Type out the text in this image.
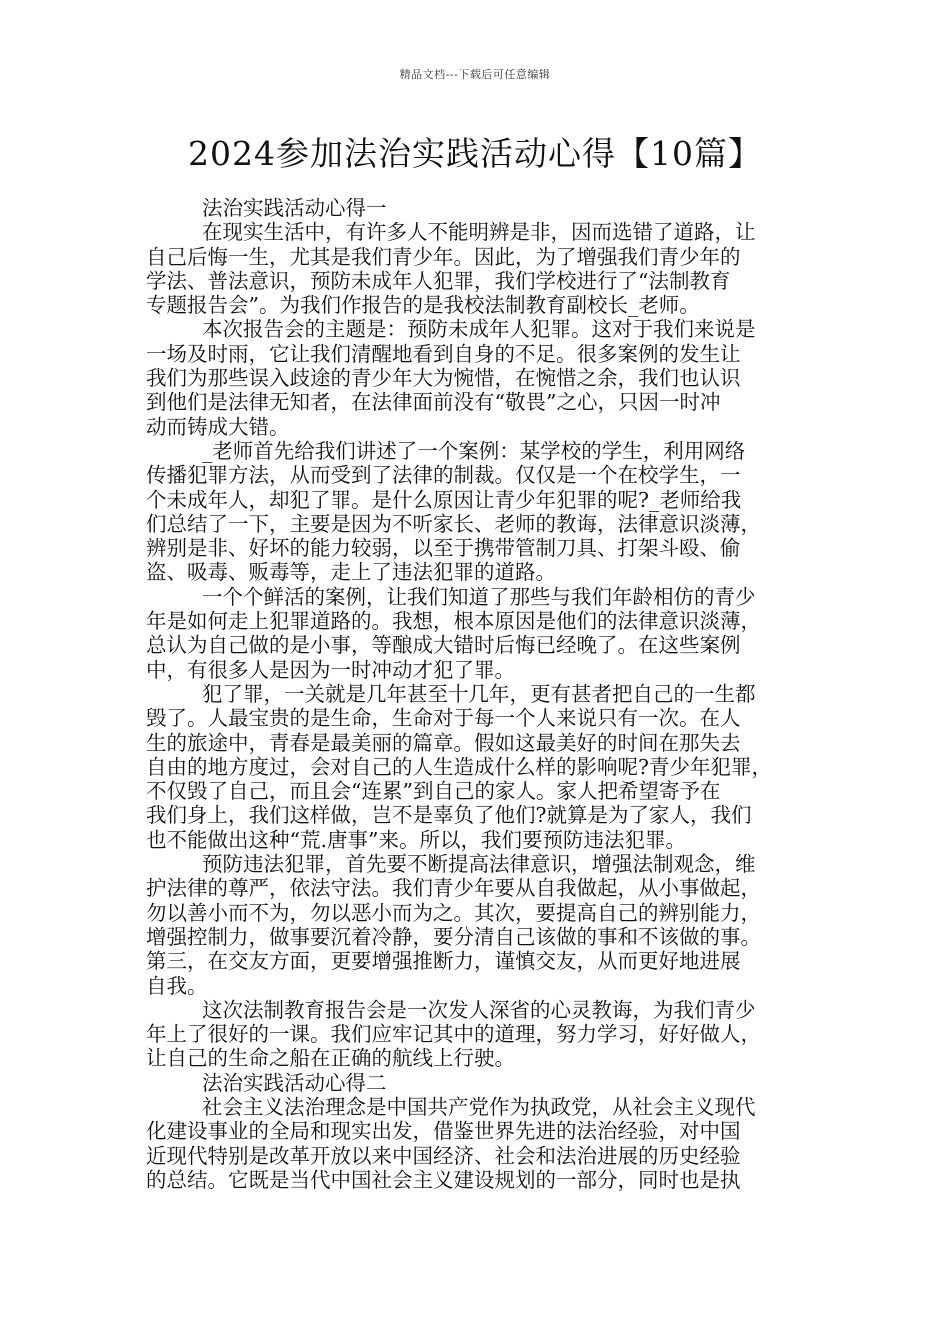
精品文档---下载后可任意编辑
2024参加法治实践活动心得【10篇】

法治实践活动心得一

在现实生活中，有许多人不能明辨是非，因而选错了道路，让

自己后悔一生，尤其是我们青少年。因此，为了增强我们青少年的

学法、普法意识，预防未成年人犯罪，我们学校进行了“法制教育

专题报告会”。为我们作报告的是我校法制教育副校长_老师。

本次报告会的主题是：预防未成年人犯罪。这对于我们来说是

一场及时雨，它让我们清醒地看到自身的不足。很多案例的发生让

我们为那些误入歧途的青少年大为惋惜，在惋惜之余，我们也认识

到他们是法律无知者，在法律面前没有“敬畏”之心，只因一时冲

动而铸成大错。

_老师首先给我们讲述了一个案例：某学校的学生，利用网络

传播犯罪方法，从而受到了法律的制裁。仅仅是一个在校学生，一

个未成年人，却犯了罪。是什么原因让青少年犯罪的呢?_老师给我

们总结了一下，主要是因为不听家长、老师的教诲，法律意识淡薄，

辨别是非、好坏的能力较弱，以至于携带管制刀具、打架斗殴、偷

盗、吸毒、贩毒等，走上了违法犯罪的道路。

一个个鲜活的案例，让我们知道了那些与我们年龄相仿的青少

年是如何走上犯罪道路的。我想，根本原因是他们的法律意识淡薄，

总认为自己做的是小事，等酿成大错时后悔已经晚了。在这些案例

中，有很多人是因为一时冲动才犯了罪。

犯了罪，一关就是几年甚至十几年，更有甚者把自己的一生都

毁了。人最宝贵的是生命，生命对于每一个人来说只有一次。在人

生的旅途中，青春是最美丽的篇章。假如这最美好的时间在那失去

自由的地方度过，会对自己的人生造成什么样的影响呢?青少年犯罪，

不仅毁了自己，而且会“连累”到自己的家人。家人把希望寄予在

我们身上，我们这样做，岂不是辜负了他们?就算是为了家人，我们

也不能做出这种“荒.唐事”来。所以，我们要预防违法犯罪。

预防违法犯罪，首先要不断提高法律意识，增强法制观念，维

护法律的尊严，依法守法。我们青少年要从自我做起，从小事做起，

勿以善小而不为，勿以恶小而为之。其次，要提高自己的辨别能力，

增强控制力，做事要沉着冷静，要分清自己该做的事和不该做的事。

第三，在交友方面，更要增强推断力，谨慎交友，从而更好地进展

自我。

这次法制教育报告会是一次发人深省的心灵教诲，为我们青少

年上了很好的一课。我们应牢记其中的道理，努力学习，好好做人，

让自己的生命之船在正确的航线上行驶。

法治实践活动心得二

社会主义法治理念是中国共产党作为执政党，从社会主义现代

化建设事业的全局和现实出发，借鉴世界先进的法治经验，对中国

近现代特别是改革开放以来中国经济、社会和法治进展的历史经验

的总结。它既是当代中国社会主义建设规划的一部分，同时也是执
